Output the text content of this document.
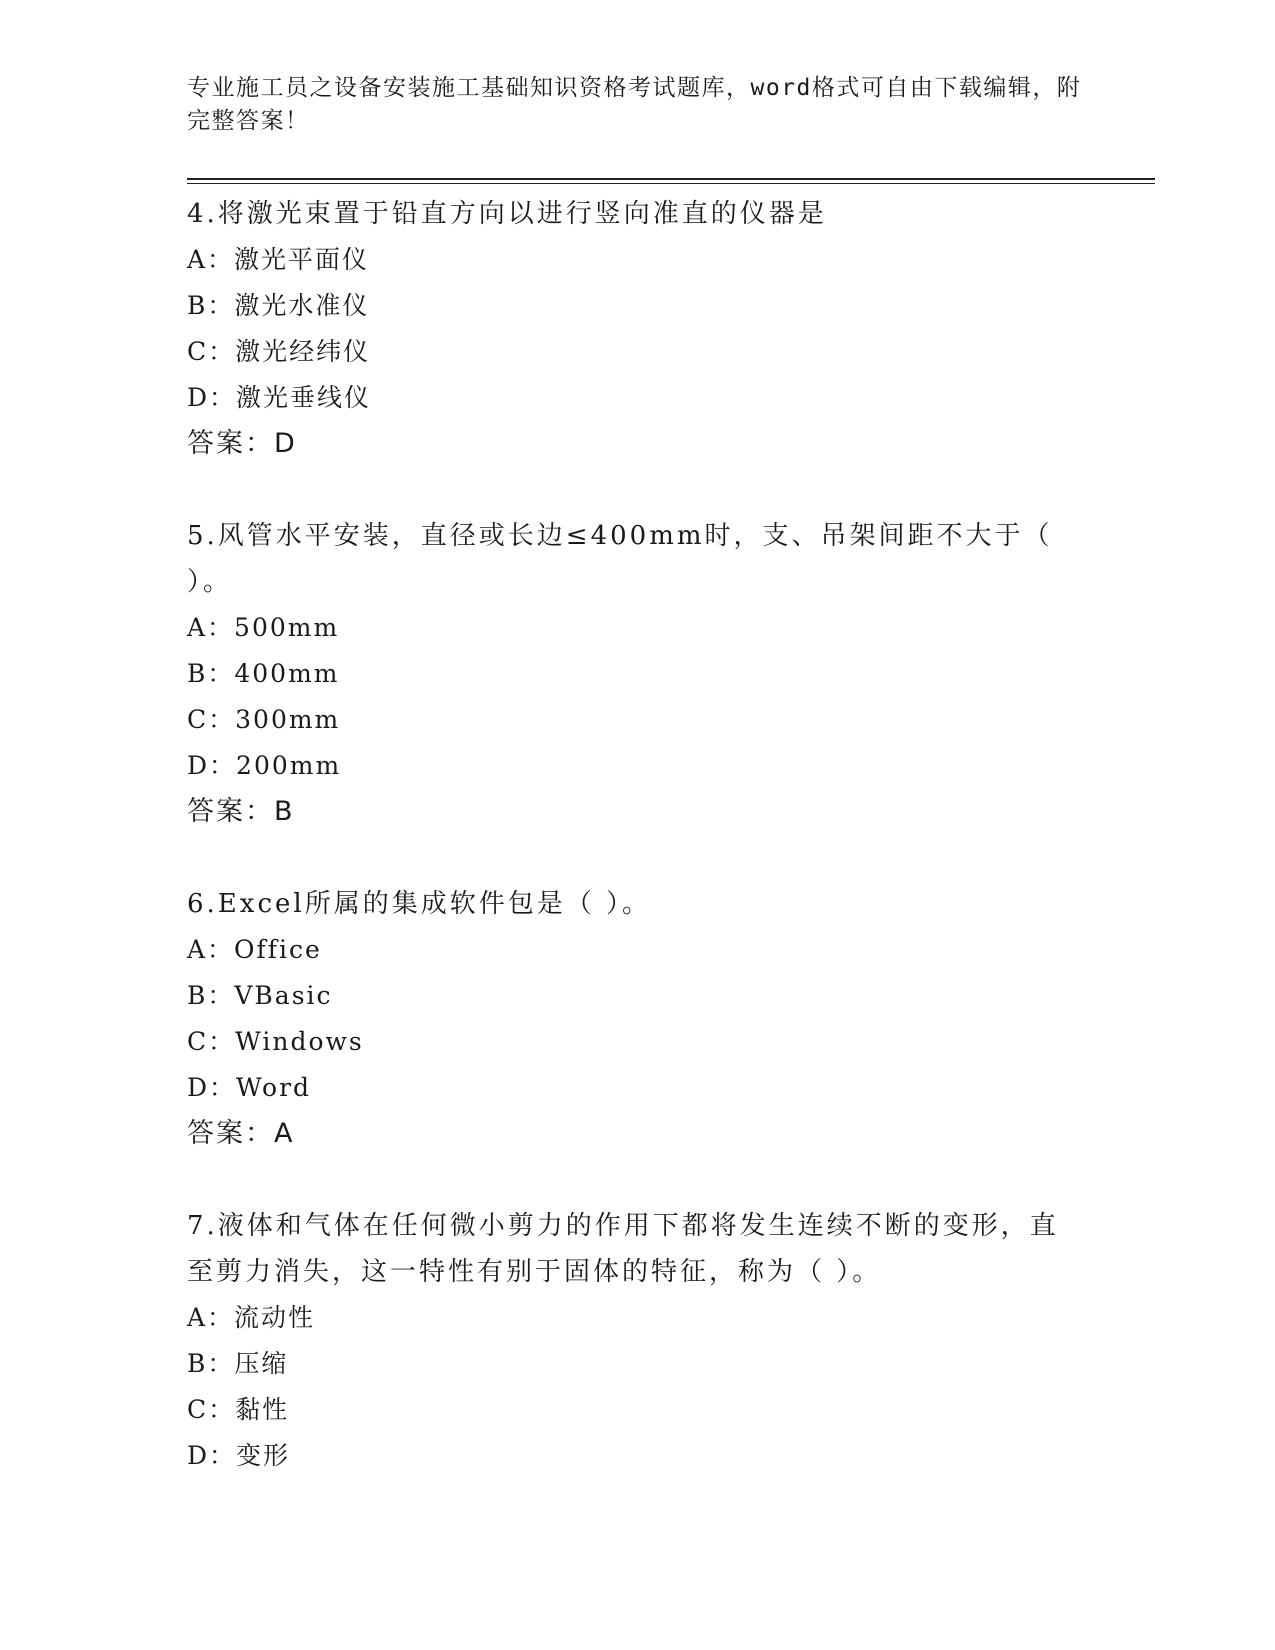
专业施工员之设备安装施工基础知识资格考试题库，word格式可自由下载编辑，附完整答案！

4.将激光束置于铅直方向以进行竖向准直的仪器是

A：激光平面仪

B：激光水准仪

C：激光经纬仪

D：激光垂线仪

答案：D

5.风管水平安装，直径或长边≤400mm时，支、吊架间距不大于（ ）。

A：500mm

B：400mm

C：300mm

D：200mm

答案：B

6.Excel所属的集成软件包是（ ）。

A：Office

B：VBasic

C：Windows

D：Word

答案：A

7.液体和气体在任何微小剪力的作用下都将发生连续不断的变形，直至剪力消失，这一特性有别于固体的特征，称为（ ）。

A：流动性

B：压缩

C：黏性

D：变形
